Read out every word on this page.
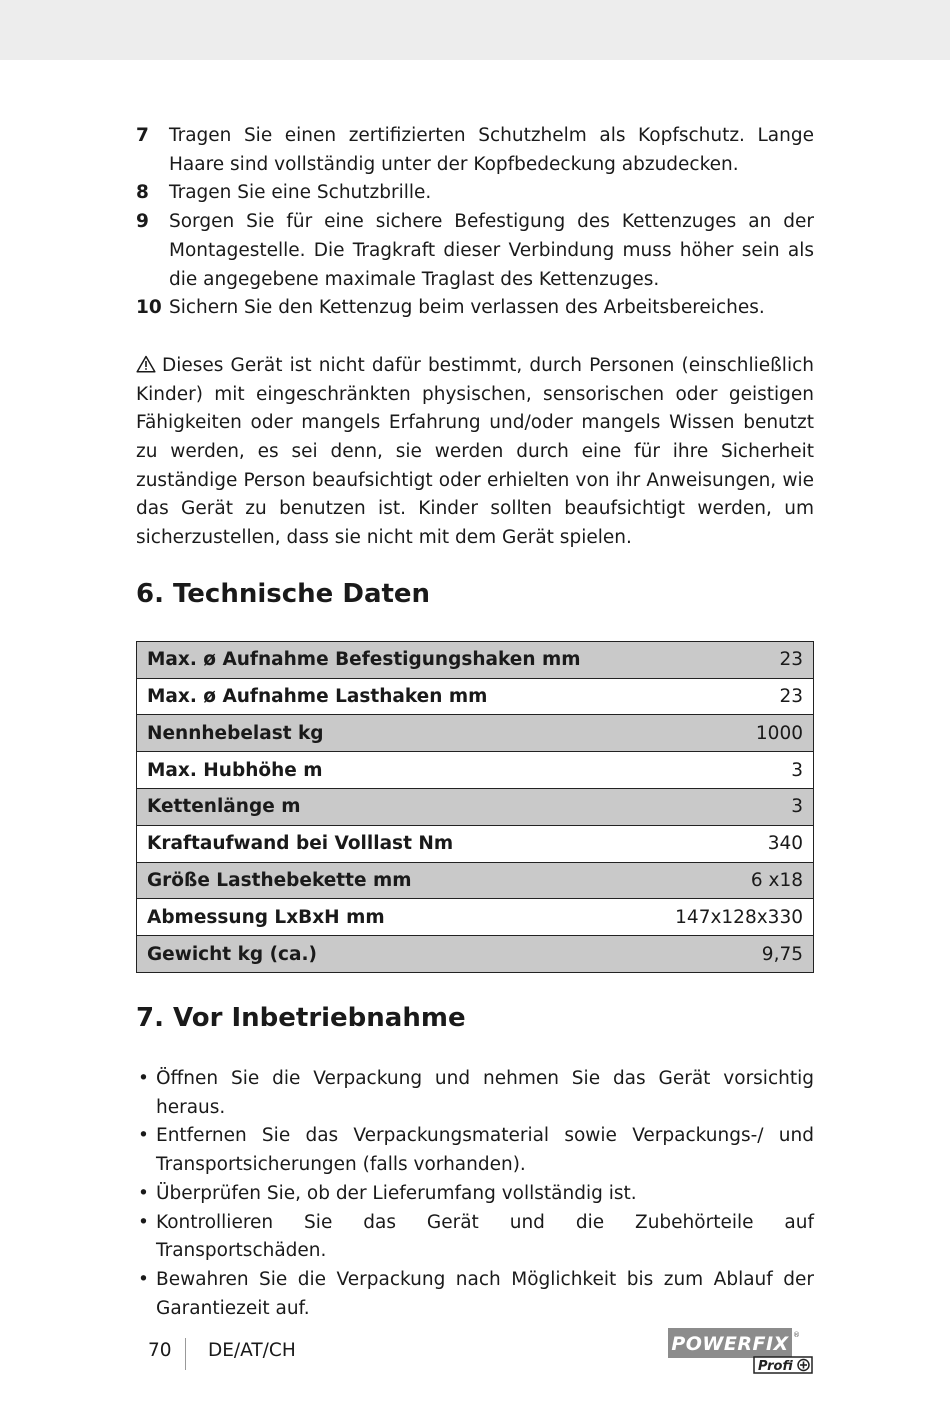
7 Tragen Sie einen zertifizierten Schutzhelm als Kopfschutz. Lange Haare sind vollständig unter der Kopfbedeckung abzudecken.
8 Tragen Sie eine Schutzbrille.
9 Sorgen Sie für eine sichere Befestigung des Kettenzuges an der Montagestelle. Die Tragkraft dieser Verbindung muss höher sein als die angegebene maximale Traglast des Kettenzuges.
10 Sichern Sie den Kettenzug beim verlassen des Arbeitsbereiches.

Dieses Gerät ist nicht dafür bestimmt, durch Personen (einschließlich Kinder) mit eingeschränkten physischen, sensorischen oder geistigen Fähigkeiten oder mangels Erfahrung und/oder mangels Wissen benutzt zu werden, es sei denn, sie werden durch eine für ihre Sicherheit zuständige Person beaufsichtigt oder erhielten von ihr Anweisungen, wie das Gerät zu benutzen ist. Kinder sollten beaufsichtigt werden, um sicherzustellen, dass sie nicht mit dem Gerät spielen.

6. Technische Daten
Max. ø Aufnahme Befestigungshaken mm	23
Max. ø Aufnahme Lasthaken mm	23
Nennhebelast kg	1000
Max. Hubhöhe m	3
Kettenlänge m	3
Kraftaufwand bei Volllast Nm	340
Größe Lasthebekette mm	6 x18
Abmessung LxBxH mm	147x128x330
Gewicht kg (ca.)	9,75
7. Vor Inbetriebnahme
• Öffnen Sie die Verpackung und nehmen Sie das Gerät vorsichtig heraus.
• Entfernen Sie das Verpackungsmaterial sowie Verpackungs-/ und Transportsicherungen (falls vorhanden).
• Überprüfen Sie, ob der Lieferumfang vollständig ist.
• Kontrollieren Sie das Gerät und die Zubehörteile auf Transportschäden.
• Bewahren Sie die Verpackung nach Möglichkeit bis zum Ablauf der Garantiezeit auf.
70 DE/AT/CH	POWERFIX ®
Profi
